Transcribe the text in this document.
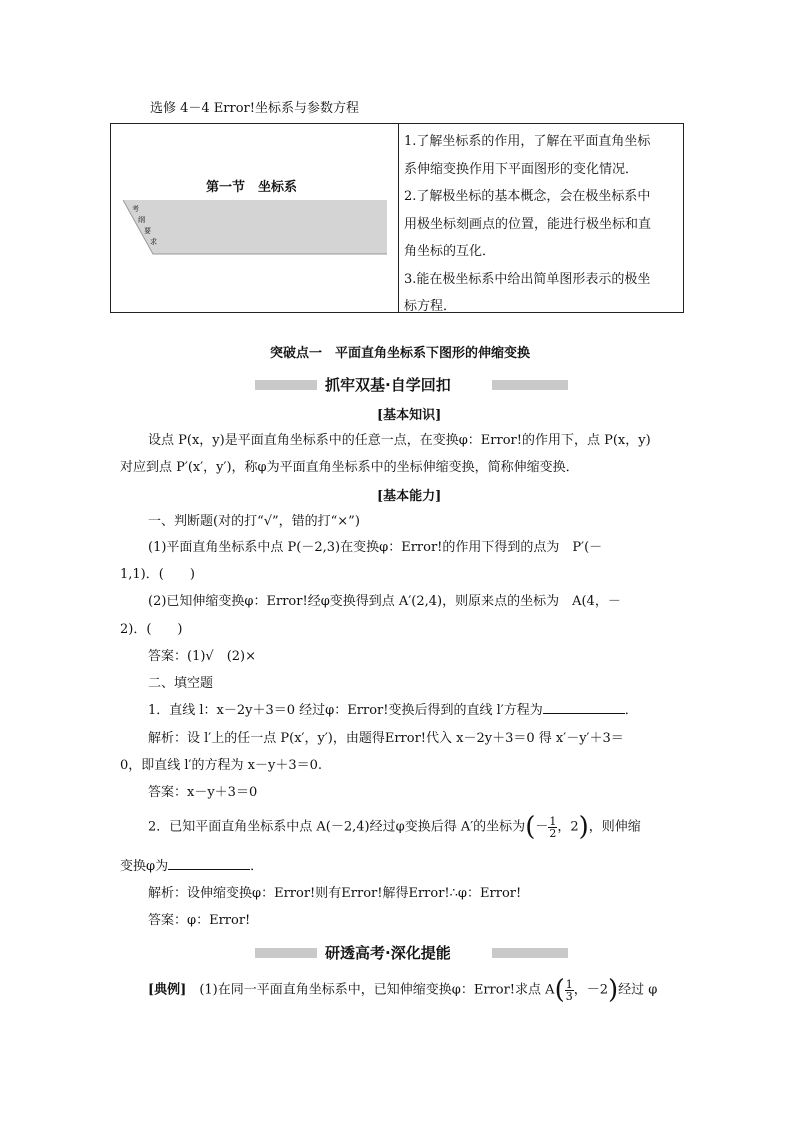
选修 4－4 Error!坐标系与参数方程
第一节　坐标系
考
纲
要
求
1.了解坐标系的作用，了解在平面直角坐标
系伸缩变换作用下平面图形的变化情况．
2.了解极坐标的基本概念，会在极坐标系中
用极坐标刻画点的位置，能进行极坐标和直
角坐标的互化．
3.能在极坐标系中给出简单图形表示的极坐
标方程．
突破点一　平面直角坐标系下图形的伸缩变换
抓牢双基·自学回扣
[基本知识]
设点 P(x，y)是平面直角坐标系中的任意一点，在变换φ：Error!的作用下，点 P(x，y)
对应到点 P′(x′，y′)，称φ为平面直角坐标系中的坐标伸缩变换，简称伸缩变换．
[基本能力]
一、判断题(对的打“√”，错的打“×”)
(1)平面直角坐标系中点 P(－2,3)在变换φ：Error!的作用下得到的点为　P′(－
1,1)．(　　)
(2)已知伸缩变换φ：Error!经φ变换得到点 A′(2,4)，则原来点的坐标为　A(4，－
2)．(　　)
答案：(1)√　(2)×
二、填空题
1．直线 l：x－2y＋3＝0 经过φ：Error!变换后得到的直线 l′方程为	．
解析：设 l′上的任一点 P(x′，y′)，由题得Error!代入 x－2y＋3＝0 得 x′－y′＋3＝
0，即直线 l′的方程为 x－y＋3＝0.
答案：x－y＋3＝0
2．已知平面直角坐标系中点 A(－2,4)经过φ变换后得 A′的坐标为(－ $\frac{1}{2}$，2)，则伸缩
变换φ为	．
解析：设伸缩变换φ：Error!则有Error!解得Error!∴φ：Error!
答案：φ：Error!
研透高考·深化提能
[典例]　 (1)在同一平面直角坐标系中，已知伸缩变换φ：Error!求点 $A( \frac{1}{3}$，－2)经过 φ
